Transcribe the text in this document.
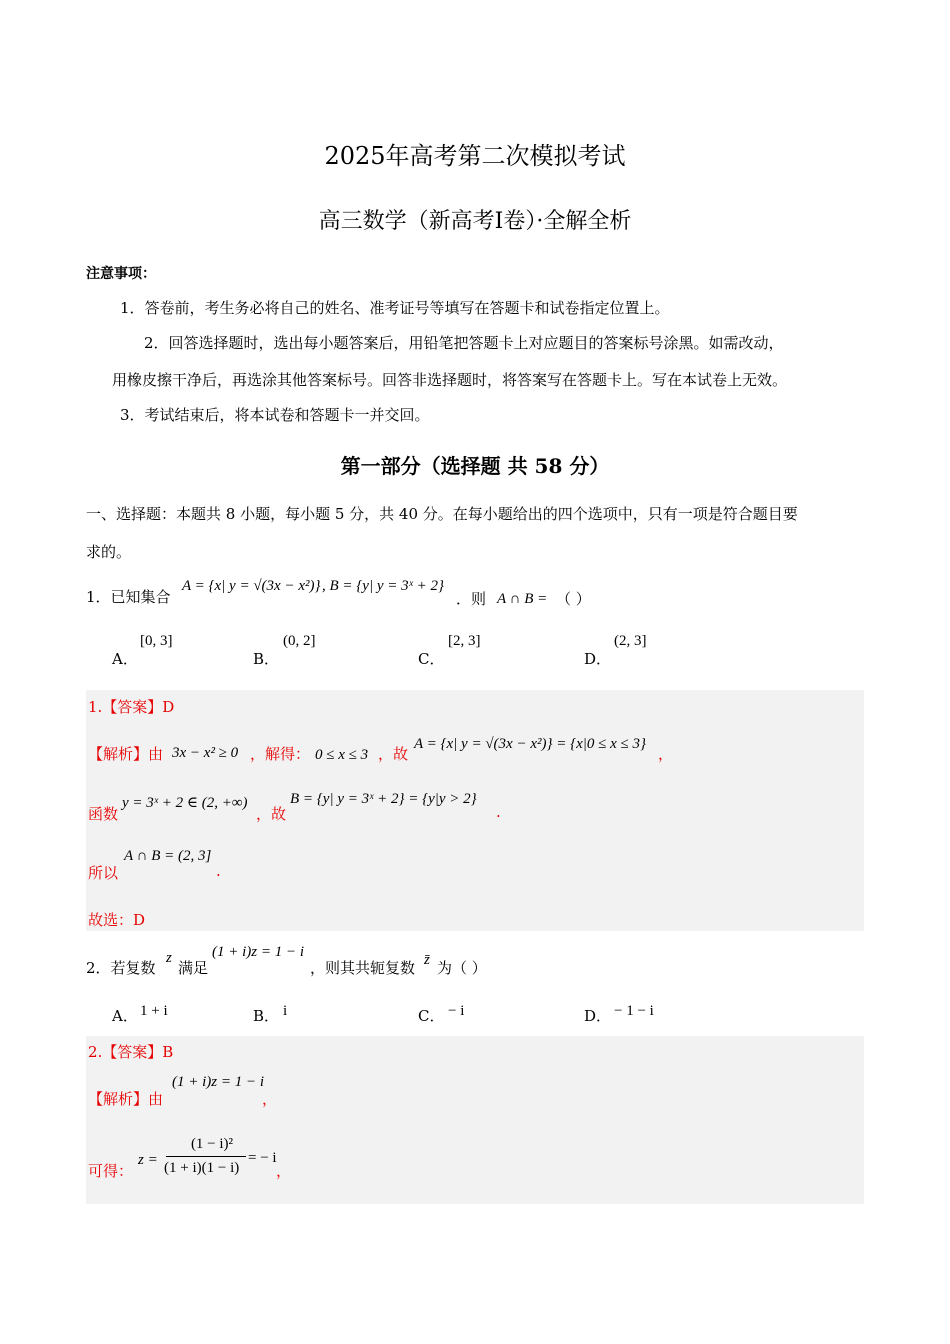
2025年高考第二次模拟考试
高三数学（新高考Ⅰ卷）·全解全析
注意事项：
1．答卷前，考生务必将自己的姓名、准考证号等填写在答题卡和试卷指定位置上。
2．回答选择题时，选出每小题答案后，用铅笔把答题卡上对应题目的答案标号涂黑。如需改动，
用橡皮擦干净后，再选涂其他答案标号。回答非选择题时，将答案写在答题卡上。写在本试卷上无效。
3．考试结束后，将本试卷和答题卡一并交回。
第一部分（选择题 共 58 分）
一、选择题：本题共 8 小题，每小题 5 分，共 40 分。在每小题给出的四个选项中，只有一项是符合题目要
求的。
1．已知集合
A = {x| y = √(3x − x²)} , B = {y| y = 3ˣ + 2}
．则 A ∩ B = （ ）
A．
[0, 3]
B．
(0, 2]
C．
[2, 3]
D．
(2, 3]
1.【答案】D
【解析】由 3x − x² ≥ 0 ，解得： 0 ≤ x ≤ 3 ，故
A = {x| y = √(3x − x²)} = {x|0 ≤ x ≤ 3}
，
函数
y = 3ˣ + 2 ∈ (2, +∞)
，故
B = {y| y = 3ˣ + 2} = {y|y > 2}
.
所以
A ∩ B = (2, 3]
.
故选：D
2．若复数
z
满足
(1 + i)z = 1 − i
，则其共轭复数 z̄ 为（ ）
A． 1 + i	B． i	C． − i	D． − 1 − i
2.【答案】B
【解析】由
(1 + i)z = 1 − i
，
可得：
z =
(1 − i)²
(1 + i)(1 − i)
= − i
，
